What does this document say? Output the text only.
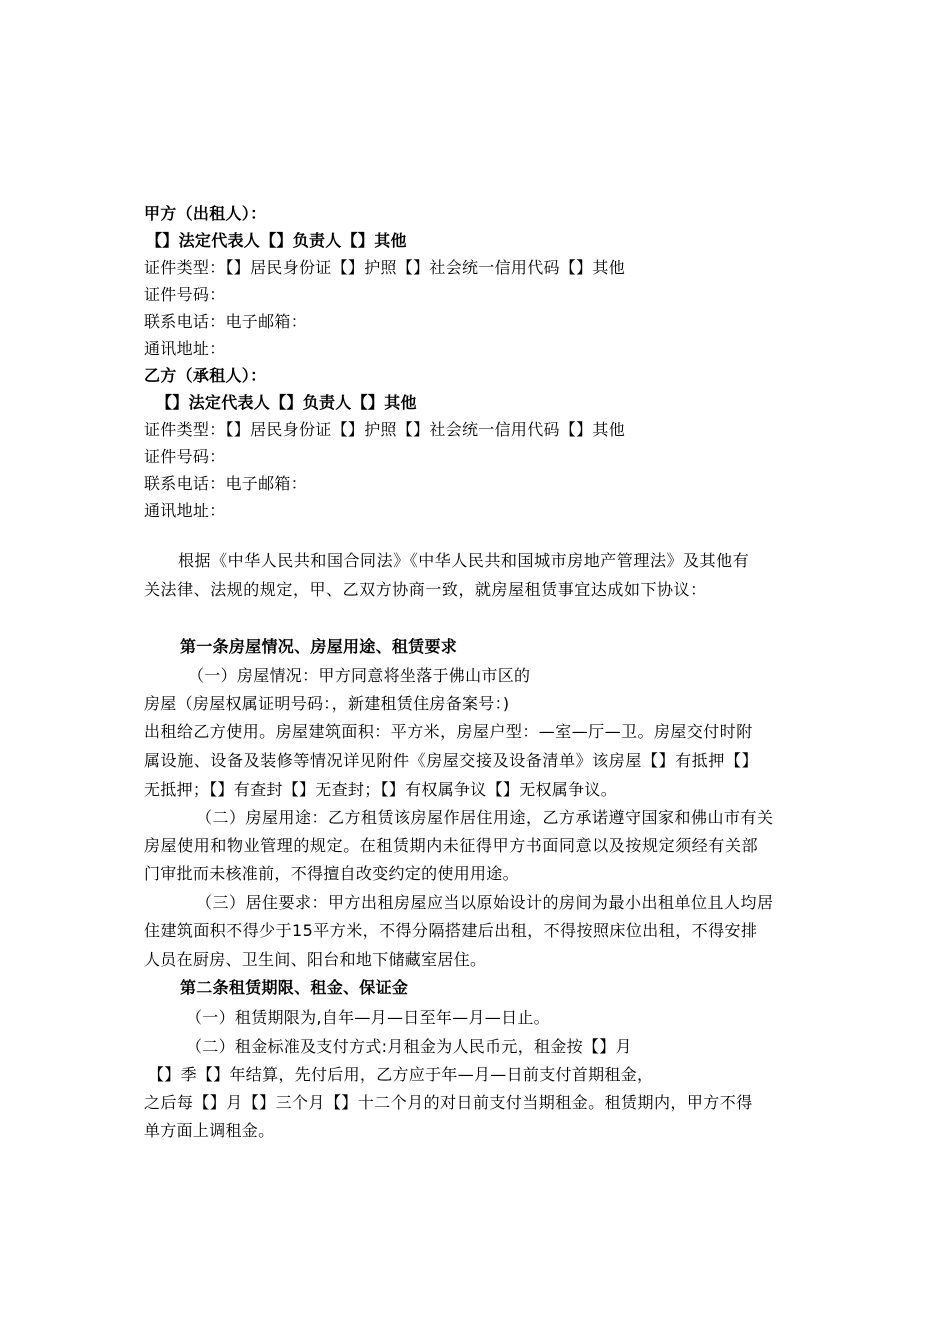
甲方（出租人）：

【】法定代表人【】负责人【】其他

证件类型：【】居民身份证【】护照【】社会统一信用代码【】其他

证件号码：

联系电话：电子邮箱：

通讯地址：

乙方（承租人）：

【】法定代表人【】负责人【】其他

证件类型：【】居民身份证【】护照【】社会统一信用代码【】其他

证件号码：

联系电话：电子邮箱：

通讯地址：

根据《中华人民共和国合同法》《中华人民共和国城市房地产管理法》及其他有

关法律、法规的规定，甲、乙双方协商一致，就房屋租赁事宜达成如下协议：

第一条房屋情况、房屋用途、租赁要求

（一）房屋情况：甲方同意将坐落于佛山市区的

房屋（房屋权属证明号码：，新建租赁住房备案号：)

出租给乙方使用。房屋建筑面积：平方米，房屋户型：—室—厅—卫。房屋交付时附

属设施、设备及装修等情况详见附件《房屋交接及设备清单》该房屋【】有抵押【】

无抵押；【】有查封【】无查封；【】有权属争议【】无权属争议。

（二）房屋用途：乙方租赁该房屋作居住用途，乙方承诺遵守国家和佛山市有关

房屋使用和物业管理的规定。在租赁期内未征得甲方书面同意以及按规定须经有关部

门审批而未核准前，不得擅自改变约定的使用用途。

（三）居住要求：甲方出租房屋应当以原始设计的房间为最小出租单位且人均居

住建筑面积不得少于15平方米，不得分隔搭建后出租，不得按照床位出租，不得安排

人员在厨房、卫生间、阳台和地下储藏室居住。

第二条租赁期限、租金、保证金

（一）租赁期限为,自年—月—日至年—月—日止。

（二）租金标准及支付方式:月租金为人民币元，租金按【】月

【】季【】年结算，先付后用，乙方应于年—月—日前支付首期租金，

之后每【】月【】三个月【】十二个月的对日前支付当期租金。租赁期内，甲方不得

单方面上调租金。
